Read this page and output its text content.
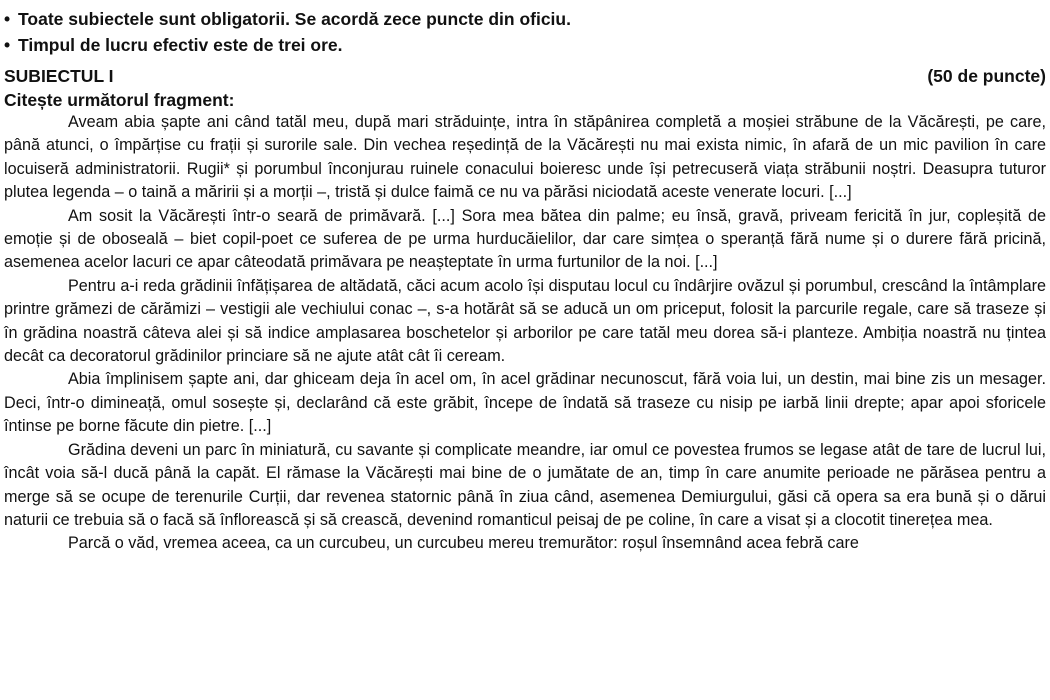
• Toate subiectele sunt obligatorii. Se acordă zece puncte din oficiu.
• Timpul de lucru efectiv este de trei ore.
SUBIECTUL I	(50 de puncte)
Citește următorul fragment:

Aveam abia șapte ani când tatăl meu, după mari străduințe, intra în stăpânirea completă a moșiei străbune de la Văcărești, pe care, până atunci, o împărțise cu frații și surorile sale. Din vechea reședință de la Văcărești nu mai exista nimic, în afară de un mic pavilion în care locuiseră administratorii. Rugii* și porumbul înconjurau ruinele conacului boieresc unde își petrecuseră viața străbunii noștri. Deasupra tuturor plutea legenda – o taină a măririi și a morții –, tristă și dulce faimă ce nu va părăsi niciodată aceste venerate locuri. [...]

Am sosit la Văcărești într-o seară de primăvară. [...] Sora mea bătea din palme; eu însă, gravă, priveam fericită în jur, copleșită de emoție și de oboseală – biet copil-poet ce suferea de pe urma hurducăielilor, dar care simțea o speranță fără nume și o durere fără pricină, asemenea acelor lacuri ce apar câteodată primăvara pe neașteptate în urma furtunilor de la noi. [...]

Pentru a-i reda grădinii înfățișarea de altădată, căci acum acolo își disputau locul cu îndârjire ovăzul și porumbul, crescând la întâmplare printre grămezi de cărămizi – vestigii ale vechiului conac –, s-a hotărât să se aducă un om priceput, folosit la parcurile regale, care să traseze și în grădina noastră câteva alei și să indice amplasarea boschetelor și arborilor pe care tatăl meu dorea să-i planteze. Ambiția noastră nu țintea decât ca decoratorul grădinilor princiare să ne ajute atât cât îi ceream.

Abia împlinisem șapte ani, dar ghiceam deja în acel om, în acel grădinar necunoscut, fără voia lui, un destin, mai bine zis un mesager. Deci, într-o dimineață, omul sosește și, declarând că este grăbit, începe de îndată să traseze cu nisip pe iarbă linii drepte; apar apoi sforicele întinse pe borne făcute din pietre. [...]

Grădina deveni un parc în miniatură, cu savante și complicate meandre, iar omul ce povestea frumos se legase atât de tare de lucrul lui, încât voia să-l ducă până la capăt. El rămase la Văcărești mai bine de o jumătate de an, timp în care anumite perioade ne părăsea pentru a merge să se ocupe de terenurile Curții, dar revenea statornic până în ziua când, asemenea Demiurgului, găsi că opera sa era bună și o dărui naturii ce trebuia să o facă să înflorească și să crească, devenind romanticul peisaj de pe coline, în care a visat și a clocotit tinerețea mea.

Parcă o văd, vremea aceea, ca un curcubeu, un curcubeu mereu tremurător: roșul însemnând acea febră care
